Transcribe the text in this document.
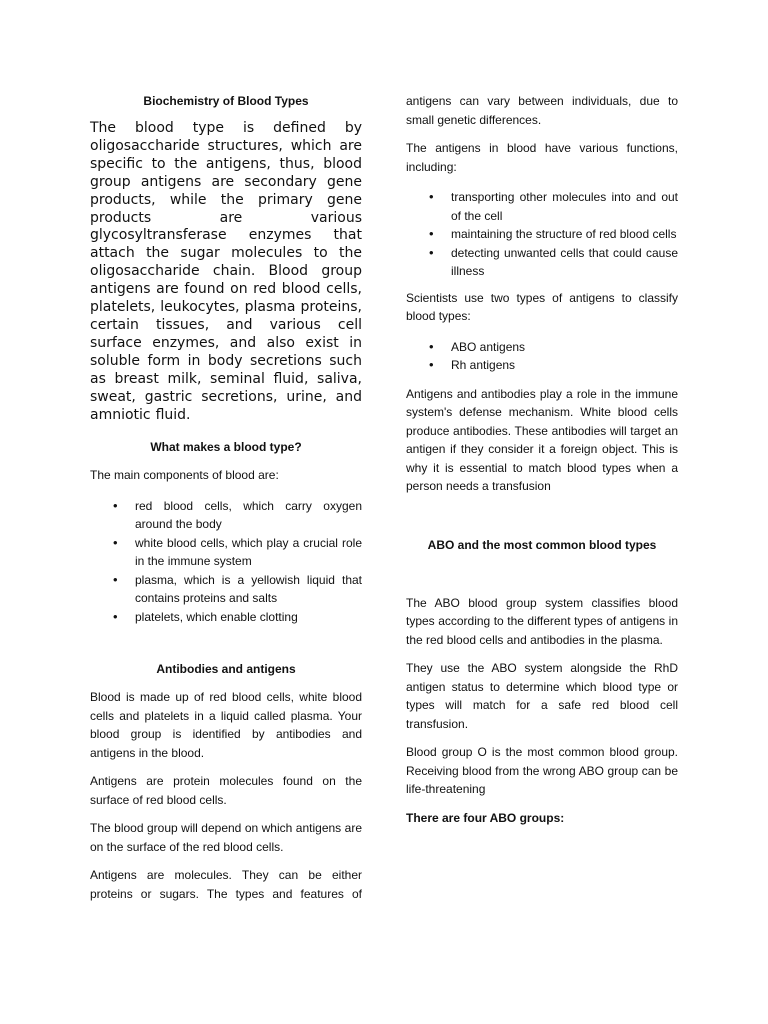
Biochemistry of Blood Types

The blood type is defined by oligosaccharide structures, which are specific to the antigens, thus, blood group antigens are secondary gene products, while the primary gene products are various glycosyltransferase enzymes that attach the sugar molecules to the oligosaccharide chain. Blood group antigens are found on red blood cells, platelets, leukocytes, plasma proteins, certain tissues, and various cell surface enzymes, and also exist in soluble form in body secretions such as breast milk, seminal fluid, saliva, sweat, gastric secretions, urine, and amniotic fluid.

What makes a blood type?

The main components of blood are:

• red blood cells, which carry oxygen around the body
• white blood cells, which play a crucial role in the immune system
• plasma, which is a yellowish liquid that contains proteins and salts
• platelets, which enable clotting

Antibodies and antigens

Blood is made up of red blood cells, white blood cells and platelets in a liquid called plasma. Your blood group is identified by antibodies and antigens in the blood.

Antigens are protein molecules found on the surface of red blood cells.

The blood group will depend on which antigens are on the surface of the red blood cells.

Antigens are molecules. They can be either proteins or sugars. The types and features of

antigens can vary between individuals, due to small genetic differences.

The antigens in blood have various functions, including:

• transporting other molecules into and out of the cell
• maintaining the structure of red blood cells
• detecting unwanted cells that could cause illness

Scientists use two types of antigens to classify blood types:

• ABO antigens
• Rh antigens

Antigens and antibodies play a role in the immune system's defense mechanism. White blood cells produce antibodies. These antibodies will target an antigen if they consider it a foreign object. This is why it is essential to match blood types when a person needs a transfusion

ABO and the most common blood types

The ABO blood group system classifies blood types according to the different types of antigens in the red blood cells and antibodies in the plasma.

They use the ABO system alongside the RhD antigen status to determine which blood type or types will match for a safe red blood cell transfusion.

Blood group O is the most common blood group. Receiving blood from the wrong ABO group can be life-threatening

There are four ABO groups:
